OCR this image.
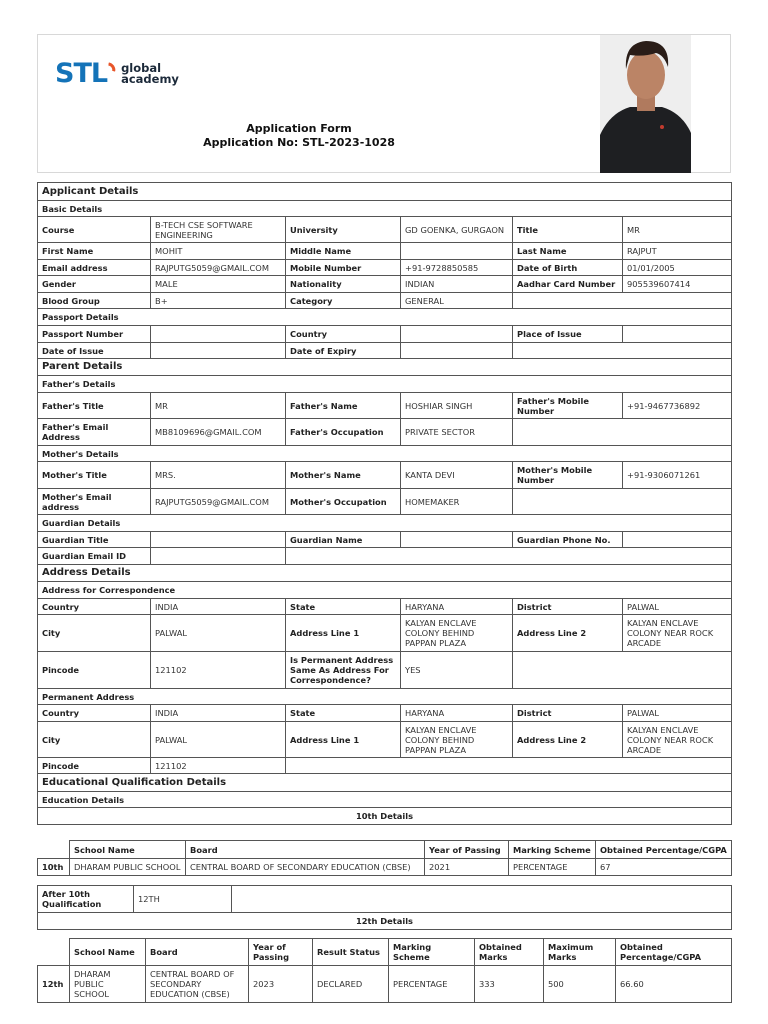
STL global
academy
Application Form
Application No: STL-2023-1028
Applicant Details					
Basic Details					
Course	B-TECH CSE SOFTWARE ENGINEERING	University	GD GOENKA, GURGAON	Title	MR
First Name	MOHIT	Middle Name		Last Name	RAJPUT
Email address	RAJPUTG5059@GMAIL.COM	Mobile Number	+91-9728850585	Date of Birth	01/01/2005
Gender	MALE	Nationality	INDIAN	Aadhar Card Number	905539607414
Blood Group	B+	Category	GENERAL		
Passport Details					
Passport Number		Country		Place of Issue	
Date of Issue		Date of Expiry			
Parent Details					
Father's Details					
Father's Title	MR	Father's Name	HOSHIAR SINGH	Father's Mobile Number	+91-9467736892
Father's Email Address	MB8109696@GMAIL.COM	Father's Occupation	PRIVATE SECTOR		
Mother's Details					
Mother's Title	MRS.	Mother's Name	KANTA DEVI	Mother's Mobile Number	+91-9306071261
Mother's Email address	RAJPUTG5059@GMAIL.COM	Mother's Occupation	HOMEMAKER		
Guardian Details					
Guardian Title		Guardian Name		Guardian Phone No.	
Guardian Email ID					
Address Details					
Address for Correspondence					
Country	INDIA	State	HARYANA	District	PALWAL
City	PALWAL	Address Line 1	KALYAN ENCLAVE COLONY BEHIND PAPPAN PLAZA	Address Line 2	KALYAN ENCLAVE COLONY NEAR ROCK ARCADE
Pincode	121102	Is Permanent Address Same As Address For Correspondence?	YES		
Permanent Address					
Country	INDIA	State	HARYANA	District	PALWAL
City	PALWAL	Address Line 1	KALYAN ENCLAVE COLONY BEHIND PAPPAN PLAZA	Address Line 2	KALYAN ENCLAVE COLONY NEAR ROCK ARCADE
Pincode	121102				
Educational Qualification Details					
Education Details					
10th Details					
	School Name	Board	Year of Passing	Marking Scheme	Obtained Percentage/CGPA
10th	DHARAM PUBLIC SCHOOL	CENTRAL BOARD OF SECONDARY EDUCATION (CBSE)	2021	PERCENTAGE	67
After 10th Qualification	12TH	
12th Details
	School Name	Board	Year of Passing	Result Status	Marking Scheme	Obtained Marks	Maximum Marks	Obtained Percentage/CGPA
12th	DHARAM PUBLIC SCHOOL	CENTRAL BOARD OF SECONDARY EDUCATION (CBSE)	2023	DECLARED	PERCENTAGE	333	500	66.60
